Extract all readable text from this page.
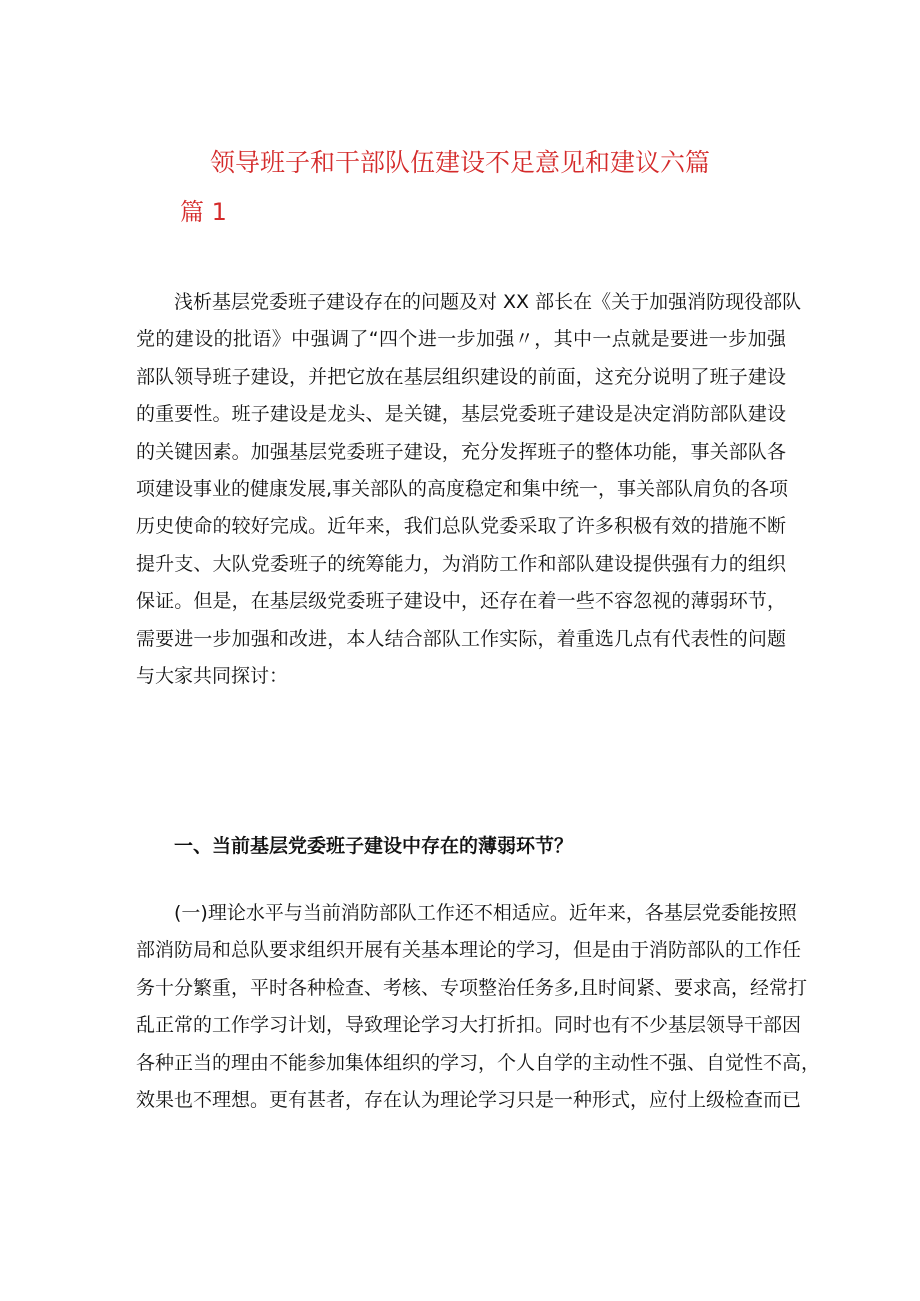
领导班子和干部队伍建设不足意见和建议六篇
篇 1
浅析基层党委班子建设存在的问题及对 XX 部长在《关于加强消防现役部队
党的建设的批语》中强调了“四个进一步加强〃，其中一点就是要进一步加强
部队领导班子建设，并把它放在基层组织建设的前面，这充分说明了班子建设
的重要性。班子建设是龙头、是关键，基层党委班子建设是决定消防部队建设
的关键因素。加强基层党委班子建设，充分发挥班子的整体功能，事关部队各
项建设事业的健康发展,事关部队的高度稳定和集中统一，事关部队肩负的各项
历史使命的较好完成。近年来，我们总队党委采取了许多积极有效的措施不断
提升支、大队党委班子的统筹能力，为消防工作和部队建设提供强有力的组织
保证。但是，在基层级党委班子建设中，还存在着一些不容忽视的薄弱环节，
需要进一步加强和改进，本人结合部队工作实际，着重选几点有代表性的问题
与大家共同探讨：
一、当前基层党委班子建设中存在的薄弱环节？
(一)理论水平与当前消防部队工作还不相适应。近年来，各基层党委能按照
部消防局和总队要求组织开展有关基本理论的学习，但是由于消防部队的工作任
务十分繁重，平时各种检查、考核、专项整治任务多,且时间紧、要求高，经常打
乱正常的工作学习计划，导致理论学习大打折扣。同时也有不少基层领导干部因
各种正当的理由不能参加集体组织的学习，个人自学的主动性不强、自觉性不高，
效果也不理想。更有甚者，存在认为理论学习只是一种形式，应付上级检查而已
